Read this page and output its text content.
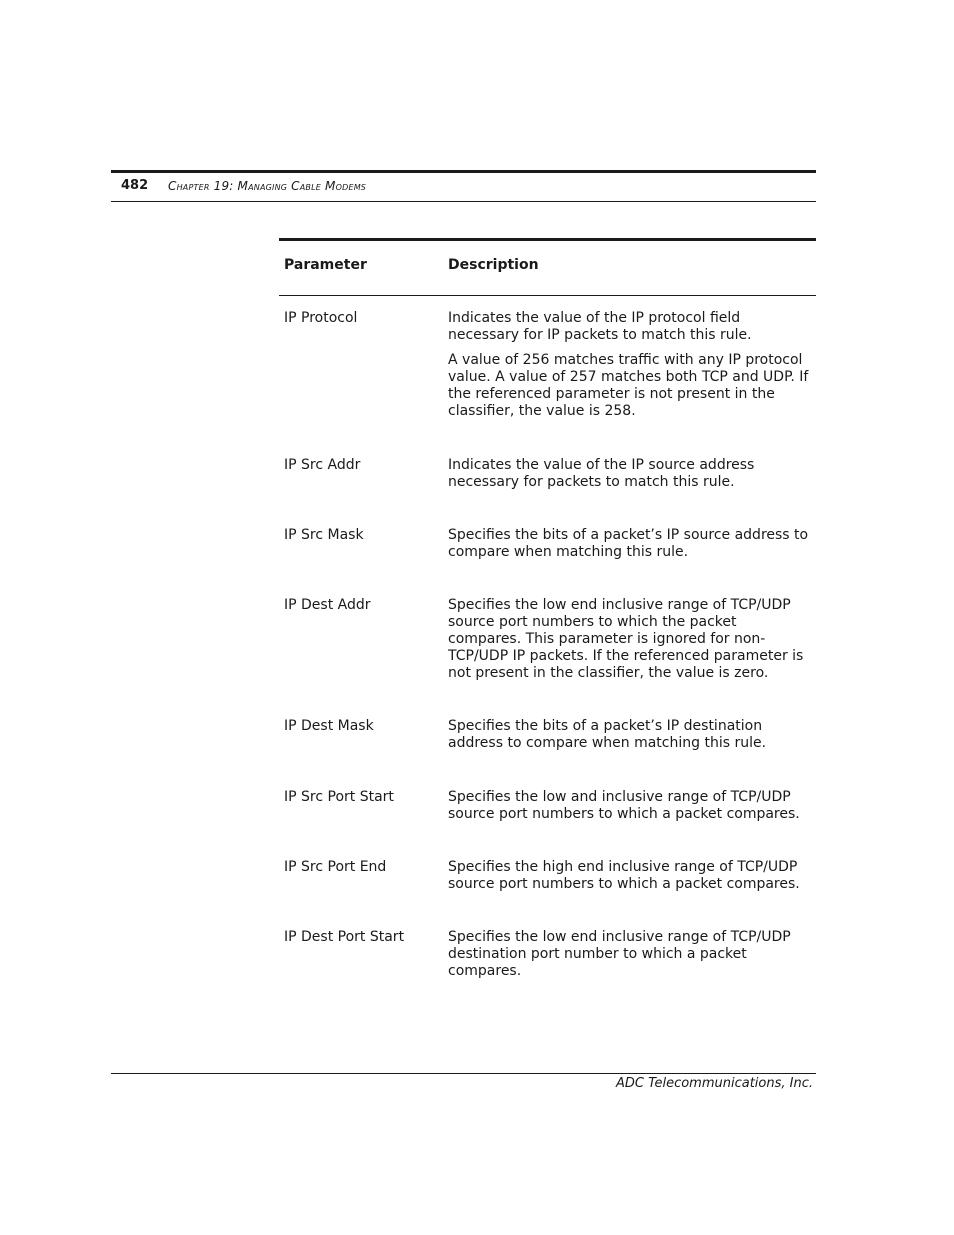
482 Chapter 19: Managing Cable Modems
Parameter	Description
IP Protocol	Indicates the value of the IP protocol field necessary for IP packets to match this rule.

A value of 256 matches traffic with any IP protocol value. A value of 257 matches both TCP and UDP. If the referenced parameter is not present in the classifier, the value is 258.

IP Src Addr	Indicates the value of the IP source address necessary for packets to match this rule.

IP Src Mask	Specifies the bits of a packet’s IP source address to compare when matching this rule.

IP Dest Addr	Specifies the low end inclusive range of TCP/UDP source port numbers to which the packet compares. This parameter is ignored for non-TCP/UDP IP packets. If the referenced parameter is not present in the classifier, the value is zero.

IP Dest Mask	Specifies the bits of a packet’s IP destination address to compare when matching this rule.

IP Src Port Start	Specifies the low and inclusive range of TCP/UDP source port numbers to which a packet compares.

IP Src Port End	Specifies the high end inclusive range of TCP/UDP source port numbers to which a packet compares.

IP Dest Port Start	Specifies the low end inclusive range of TCP/UDP destination port number to which a packet compares.

ADC Telecommunications, Inc.
